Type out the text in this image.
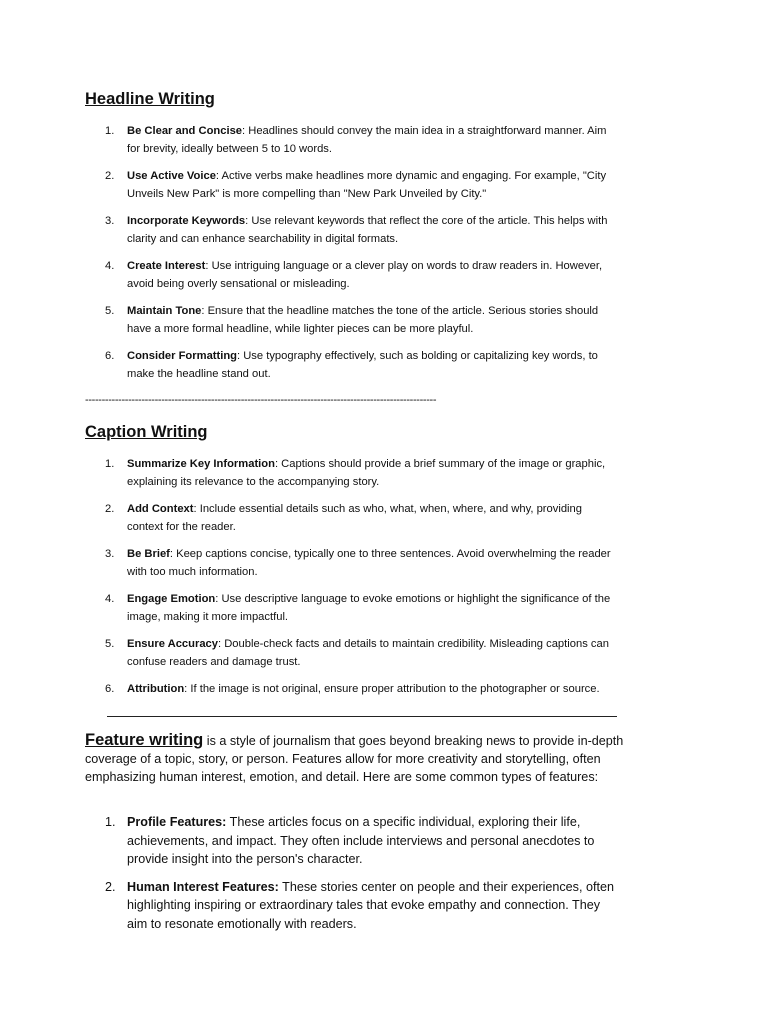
Headline Writing
1. Be Clear and Concise: Headlines should convey the main idea in a straightforward manner. Aim for brevity, ideally between 5 to 10 words.
2. Use Active Voice: Active verbs make headlines more dynamic and engaging. For example, "City Unveils New Park" is more compelling than "New Park Unveiled by City."
3. Incorporate Keywords: Use relevant keywords that reflect the core of the article. This helps with clarity and can enhance searchability in digital formats.
4. Create Interest: Use intriguing language or a clever play on words to draw readers in. However, avoid being overly sensational or misleading.
5. Maintain Tone: Ensure that the headline matches the tone of the article. Serious stories should have a more formal headline, while lighter pieces can be more playful.
6. Consider Formatting: Use typography effectively, such as bolding or capitalizing key words, to make the headline stand out.
----------------------------------------------------------------------------------------------------------
Caption Writing
1. Summarize Key Information: Captions should provide a brief summary of the image or graphic, explaining its relevance to the accompanying story.
2. Add Context: Include essential details such as who, what, when, where, and why, providing context for the reader.
3. Be Brief: Keep captions concise, typically one to three sentences. Avoid overwhelming the reader with too much information.
4. Engage Emotion: Use descriptive language to evoke emotions or highlight the significance of the image, making it more impactful.
5. Ensure Accuracy: Double-check facts and details to maintain credibility. Misleading captions can confuse readers and damage trust.
6. Attribution: If the image is not original, ensure proper attribution to the photographer or source.

Feature writing is a style of journalism that goes beyond breaking news to provide in-depth coverage of a topic, story, or person. Features allow for more creativity and storytelling, often emphasizing human interest, emotion, and detail. Here are some common types of features:

1. Profile Features: These articles focus on a specific individual, exploring their life, achievements, and impact. They often include interviews and personal anecdotes to provide insight into the person's character.
2. Human Interest Features: These stories center on people and their experiences, often highlighting inspiring or extraordinary tales that evoke empathy and connection. They aim to resonate emotionally with readers.
